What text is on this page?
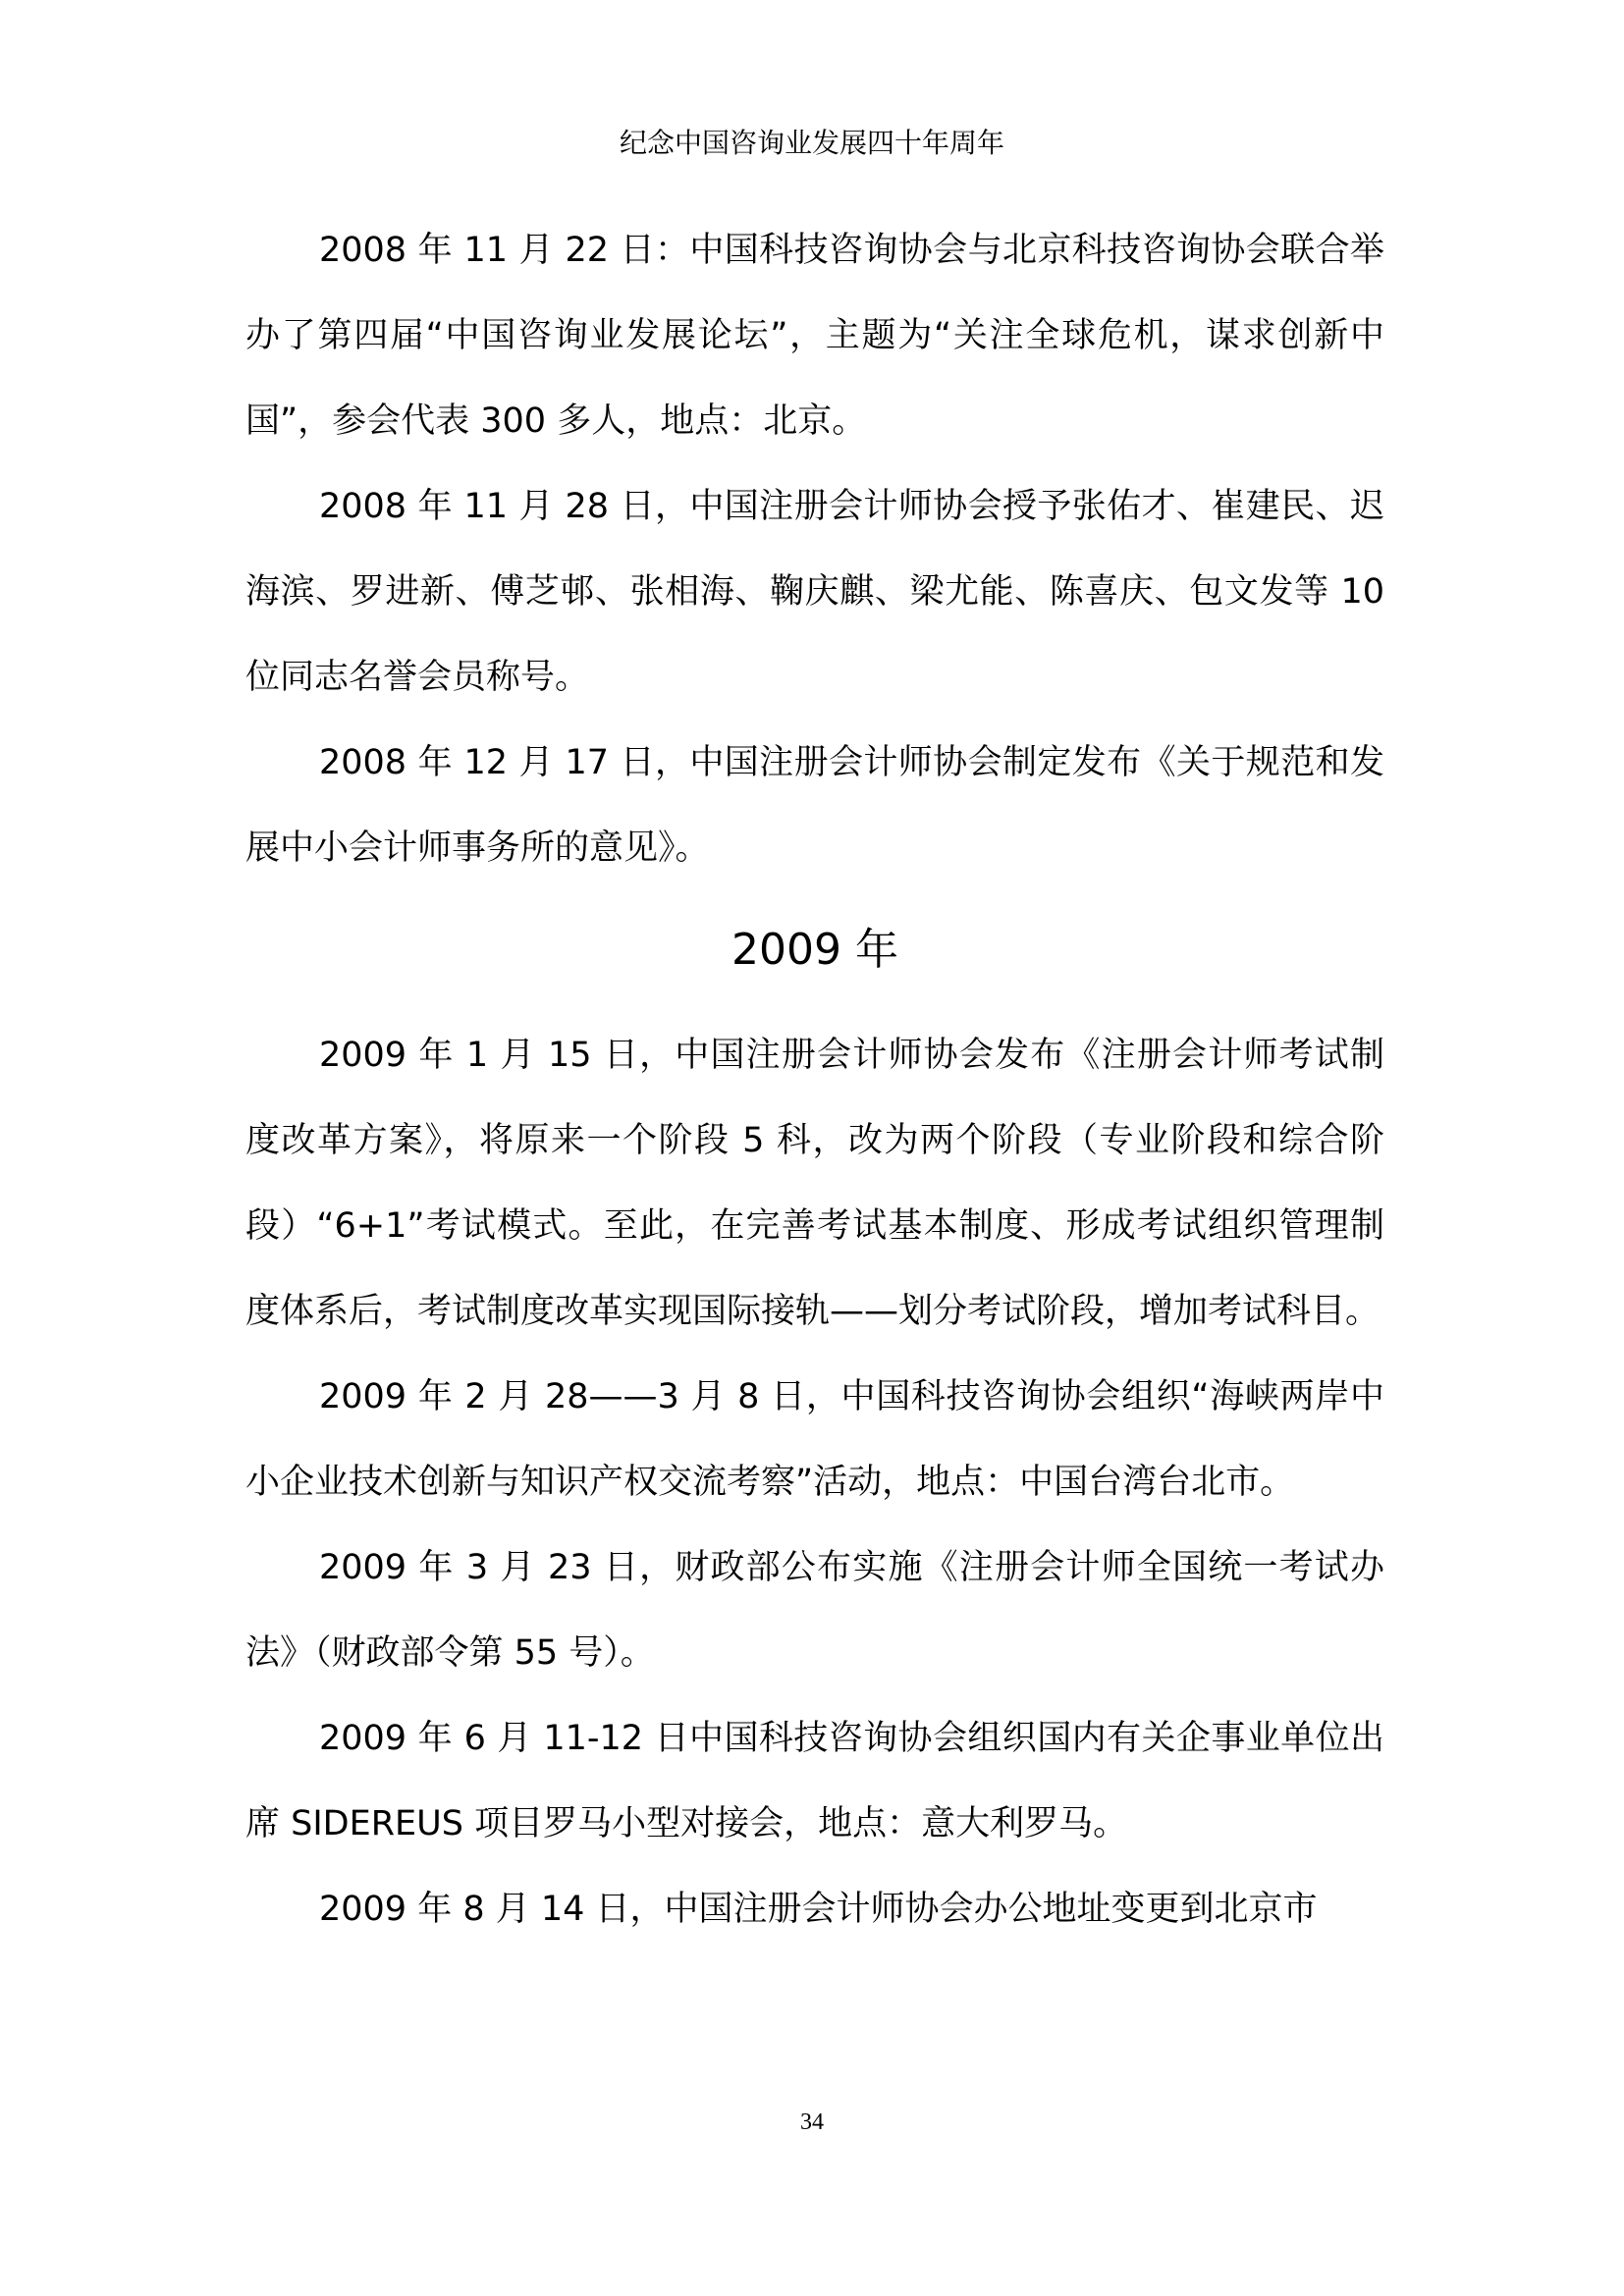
纪念中国咨询业发展四十年周年

2008 年 11 月 22 日：中国科技咨询协会与北京科技咨询协会联合举办了第四届“中国咨询业发展论坛”，主题为“关注全球危机，谋求创新中国”，参会代表 300 多人，地点：北京。

2008 年 11 月 28 日，中国注册会计师协会授予张佑才、崔建民、迟海滨、罗进新、傅芝邨、张相海、鞠庆麒、梁尤能、陈喜庆、包文发等 10 位同志名誉会员称号。

2008 年 12 月 17 日，中国注册会计师协会制定发布《关于规范和发展中小会计师事务所的意见》。

2009 年

2009 年 1 月 15 日，中国注册会计师协会发布《注册会计师考试制度改革方案》，将原来一个阶段 5 科，改为两个阶段（专业阶段和综合阶段）“6+1”考试模式。至此，在完善考试基本制度、形成考试组织管理制度体系后，考试制度改革实现国际接轨——划分考试阶段，增加考试科目。

2009 年 2 月 28——3 月 8 日，中国科技咨询协会组织“海峡两岸中小企业技术创新与知识产权交流考察”活动，地点：中国台湾台北市。

2009 年 3 月 23 日，财政部公布实施《注册会计师全国统一考试办法》（财政部令第 55 号）。

2009 年 6 月 11-12 日中国科技咨询协会组织国内有关企事业单位出席 SIDEREUS 项目罗马小型对接会，地点：意大利罗马。

2009 年 8 月 14 日，中国注册会计师协会办公地址变更到北京市

34
